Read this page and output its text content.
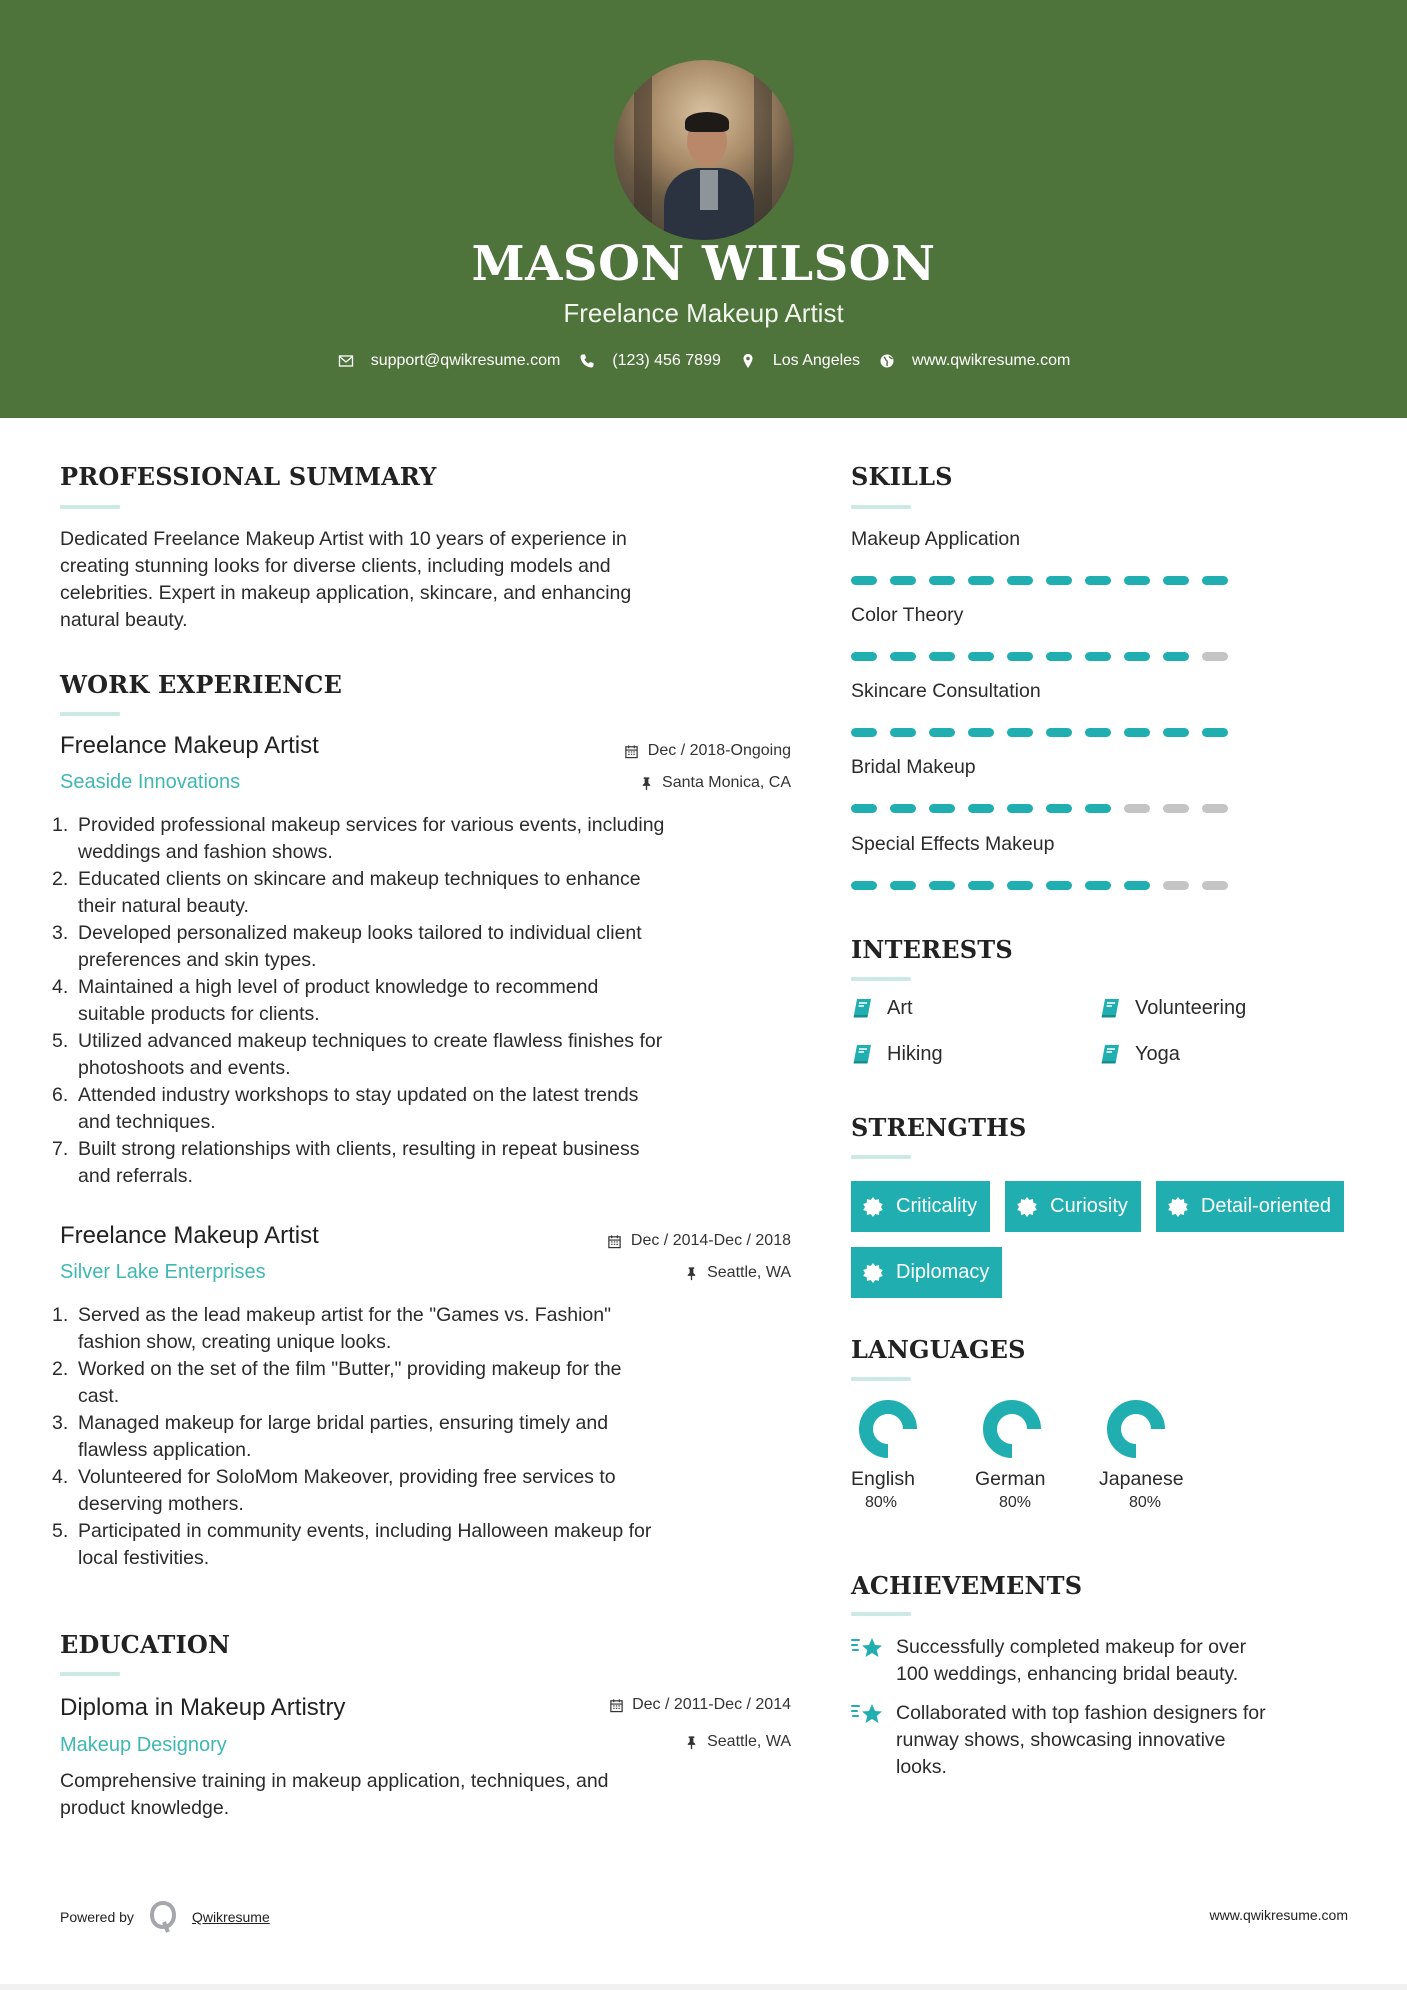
MASON WILSON
Freelance Makeup Artist
support@qwikresume.com	(123) 456 7899	Los Angeles	www.qwikresume.com
PROFESSIONAL SUMMARY
Dedicated Freelance Makeup Artist with 10 years of experience in
creating stunning looks for diverse clients, including models and
celebrities. Expert in makeup application, skincare, and enhancing
natural beauty.
WORK EXPERIENCE
Freelance Makeup Artist	Dec / 2018-Ongoing
Seaside Innovations	Santa Monica, CA
1. Provided professional makeup services for various events, including
weddings and fashion shows.
2. Educated clients on skincare and makeup techniques to enhance
their natural beauty.
3. Developed personalized makeup looks tailored to individual client
preferences and skin types.
4. Maintained a high level of product knowledge to recommend
suitable products for clients.
5. Utilized advanced makeup techniques to create flawless finishes for
photoshoots and events.
6. Attended industry workshops to stay updated on the latest trends
and techniques.
7. Built strong relationships with clients, resulting in repeat business
and referrals.
Freelance Makeup Artist	Dec / 2014-Dec / 2018
Silver Lake Enterprises	Seattle, WA
1. Served as the lead makeup artist for the "Games vs. Fashion"
fashion show, creating unique looks.
2. Worked on the set of the film "Butter," providing makeup for the
cast.
3. Managed makeup for large bridal parties, ensuring timely and
flawless application.
4. Volunteered for SoloMom Makeover, providing free services to
deserving mothers.
5. Participated in community events, including Halloween makeup for
local festivities.
EDUCATION
Diploma in Makeup Artistry	Dec / 2011-Dec / 2014
Makeup Designory	Seattle, WA
Comprehensive training in makeup application, techniques, and
product knowledge.
SKILLS
Makeup Application
Color Theory
Skincare Consultation
Bridal Makeup
Special Effects Makeup
INTERESTS
Art	Volunteering
Hiking	Yoga
STRENGTHS
Criticality	Curiosity	Detail-oriented
Diplomacy
LANGUAGES
English
80%
German
80%
Japanese
80%
ACHIEVEMENTS
Successfully completed makeup for over
100 weddings, enhancing bridal beauty.
Collaborated with top fashion designers for
runway shows, showcasing innovative
looks.
Powered by	Qwikresume	www.qwikresume.com
